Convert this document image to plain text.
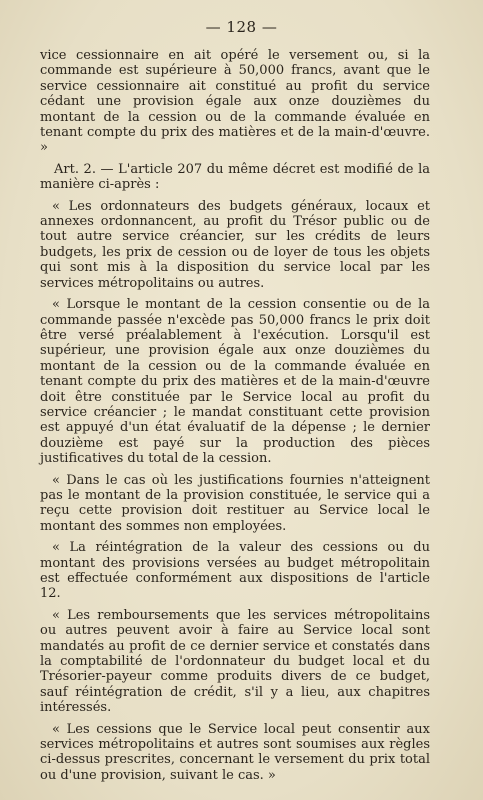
— 128 —

vice cessionnaire en ait opéré le versement ou, si la commande est supérieure à 50,000 francs, avant que le service cessionnaire ait constitué au profit du service cédant une provision égale aux onze douzièmes du montant de la cession ou de la commande évaluée en tenant compte du prix des matières et de la main-d'œuvre. »

Art. 2. — L'article 207 du même décret est modifié de la manière ci-après :

« Les ordonnateurs des budgets généraux, locaux et annexes ordonnancent, au profit du Trésor public ou de tout autre service créancier, sur les crédits de leurs budgets, les prix de cession ou de loyer de tous les objets qui sont mis à la disposition du service local par les services métropolitains ou autres.

« Lorsque le montant de la cession consentie ou de la commande passée n'excède pas 50,000 francs le prix doit être versé préalablement à l'exécution. Lorsqu'il est supérieur, une provision égale aux onze douzièmes du montant de la cession ou de la commande évaluée en tenant compte du prix des matières et de la main-d'œuvre doit être constituée par le Service local au profit du service créancier ; le mandat constituant cette provision est appuyé d'un état évaluatif de la dépense ; le dernier douzième est payé sur la production des pièces justificatives du total de la cession.

« Dans le cas où les justifications fournies n'atteignent pas le montant de la provision constituée, le service qui a reçu cette provision doit restituer au Service local le montant des sommes non employées.

« La réintégration de la valeur des cessions ou du montant des provisions versées au budget métropolitain est effectuée conformément aux dispositions de l'article 12.

« Les remboursements que les services métropolitains ou autres peuvent avoir à faire au Service local sont mandatés au profit de ce dernier service et constatés dans la comptabilité de l'ordonnateur du budget local et du Trésorier-payeur comme produits divers de ce budget, sauf réintégration de crédit, s'il y a lieu, aux chapitres intéressés.

« Les cessions que le Service local peut consentir aux services métropolitains et autres sont soumises aux règles ci-dessus prescrites, concernant le versement du prix total ou d'une provision, suivant le cas. »
